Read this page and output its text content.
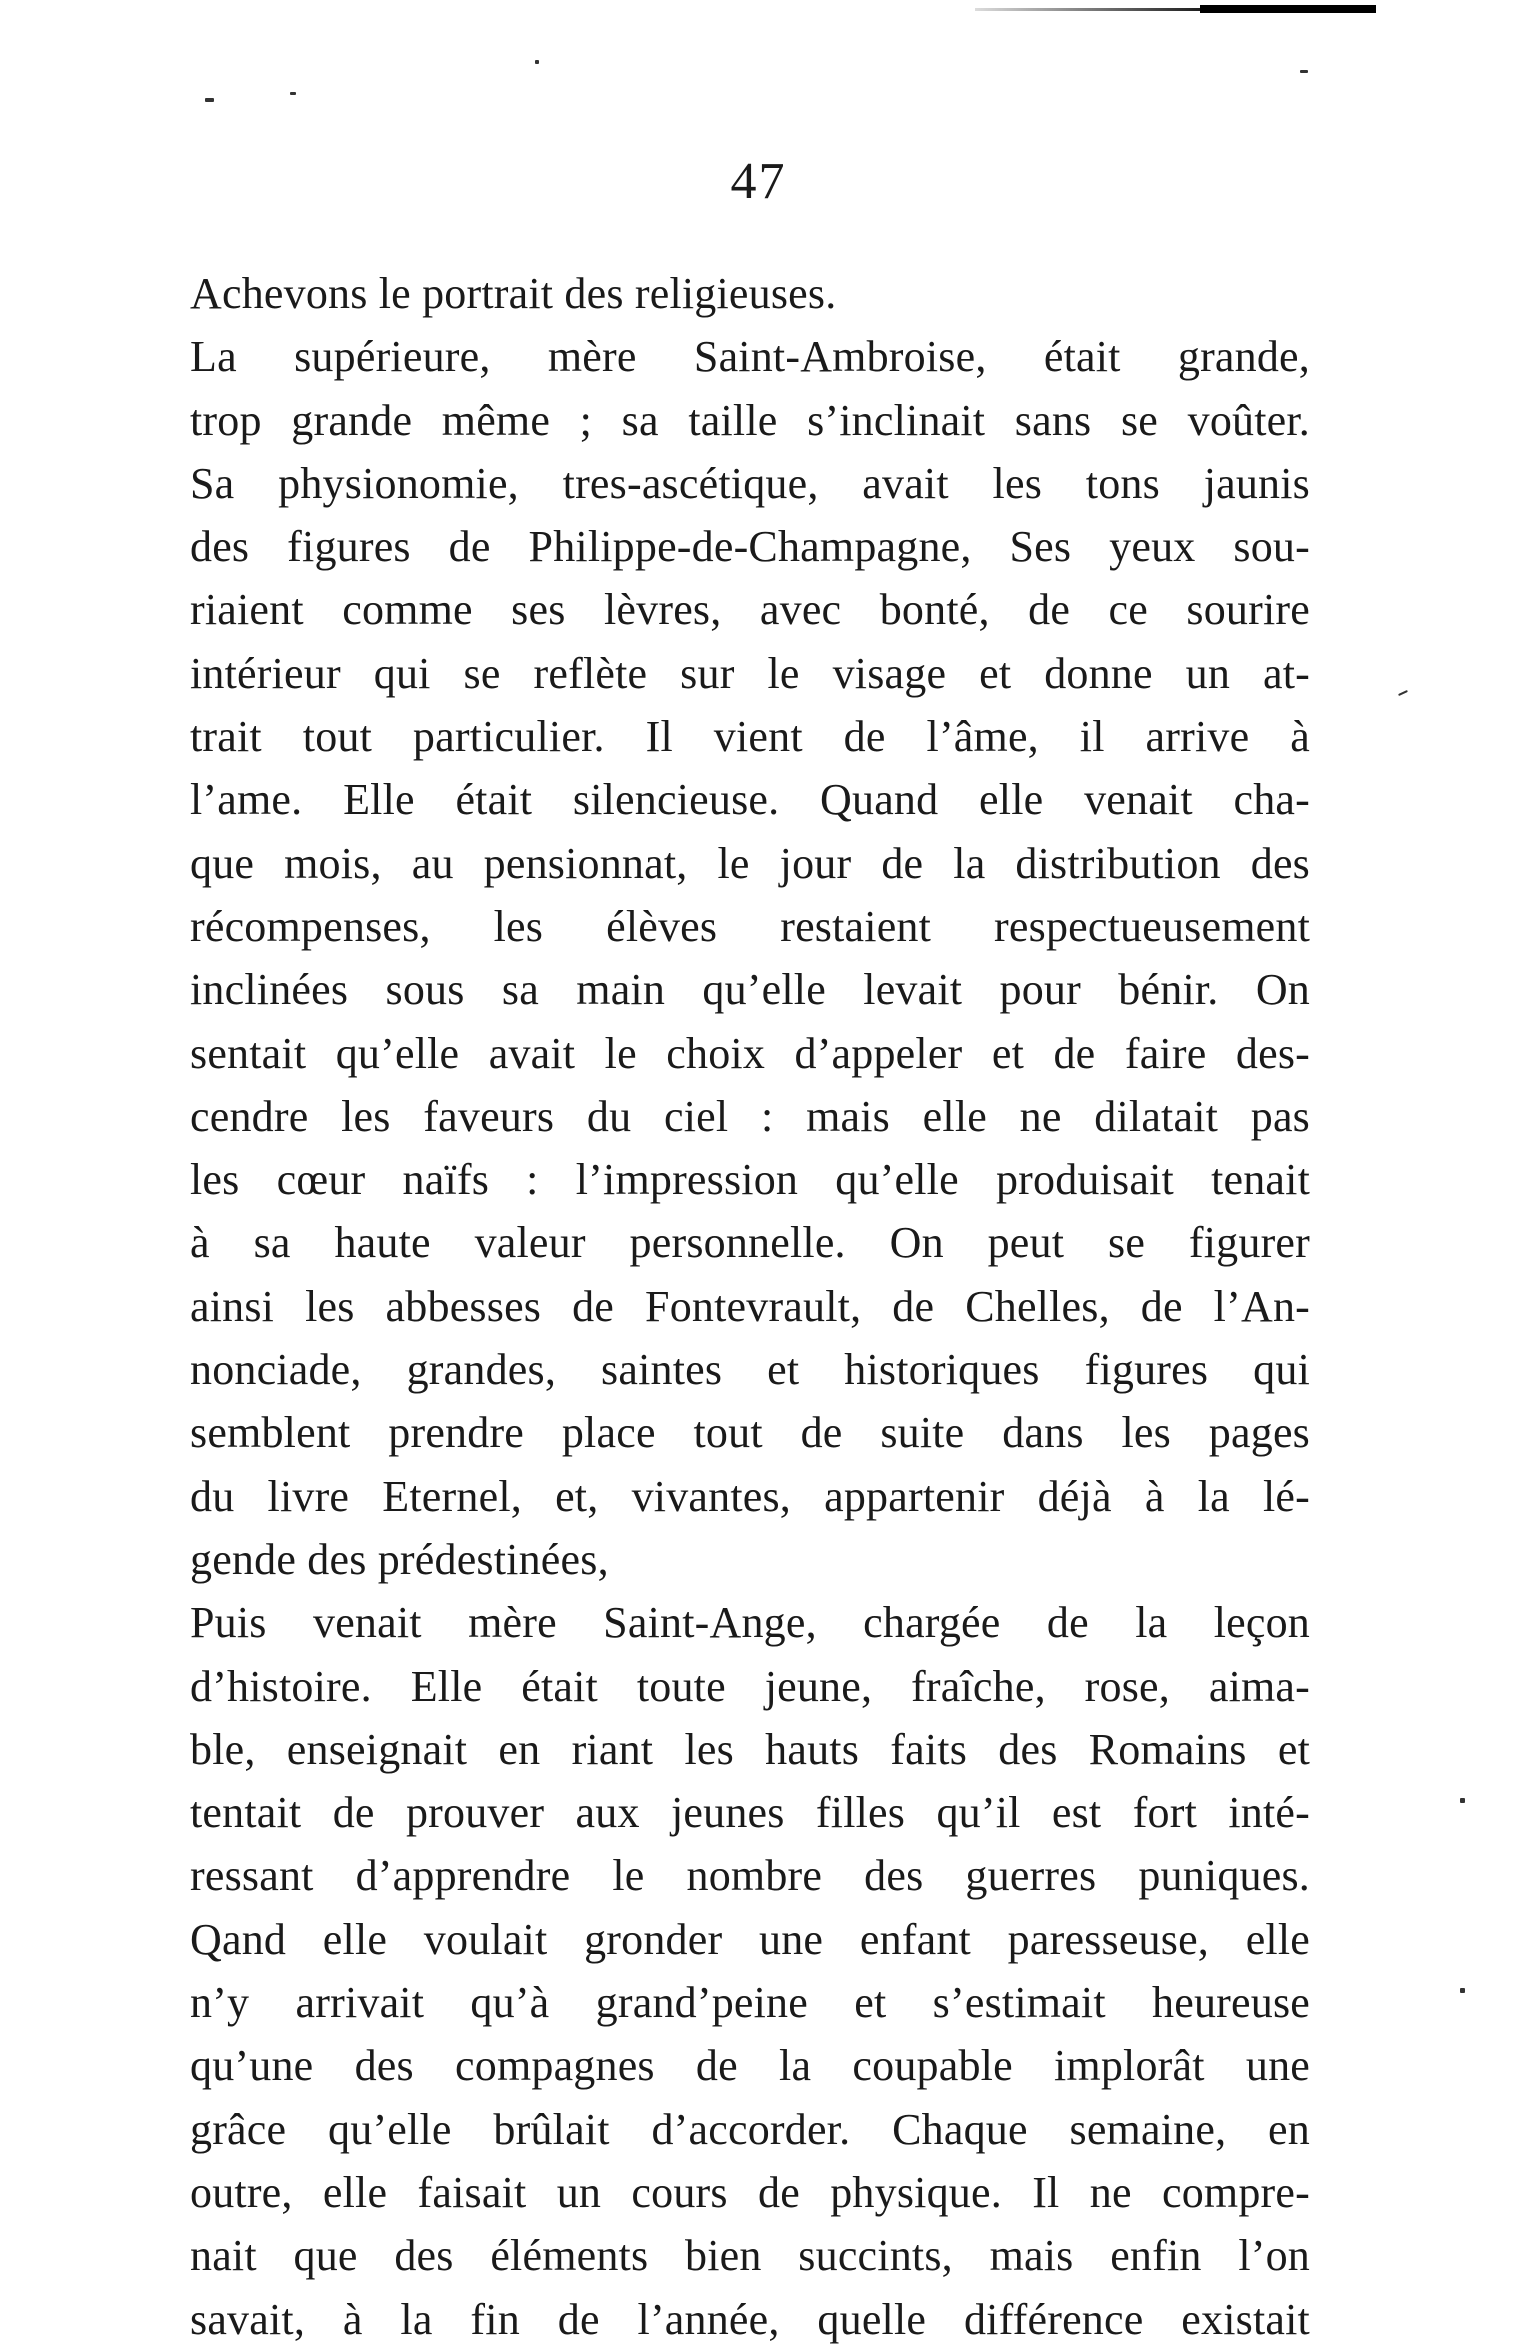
47
Achevons le portrait des religieuses.
La supérieure, mère Saint-Ambroise, était grande,
trop grande même ; sa taille s’inclinait sans se voûter.
Sa physionomie, tres-ascétique, avait les tons jaunis
des figures de Philippe-de-Champagne, Ses yeux sou-
riaient comme ses lèvres, avec bonté, de ce sourire
intérieur qui se reflète sur le visage et donne un at-
trait tout particulier. Il vient de l’âme, il arrive à
l’ame. Elle était silencieuse. Quand elle venait cha-
que mois, au pensionnat, le jour de la distribution des
récompenses, les élèves restaient respectueusement
inclinées sous sa main qu’elle levait pour bénir. On
sentait qu’elle avait le choix d’appeler et de faire des-
cendre les faveurs du ciel : mais elle ne dilatait pas
les cœur naïfs : l’impression qu’elle produisait tenait
à sa haute valeur personnelle. On peut se figurer
ainsi les abbesses de Fontevrault, de Chelles, de l’An-
nonciade, grandes, saintes et historiques figures qui
semblent prendre place tout de suite dans les pages
du livre Eternel, et, vivantes, appartenir déjà à la lé-
gende des prédestinées,
Puis venait mère Saint-Ange, chargée de la leçon
d’histoire. Elle était toute jeune, fraîche, rose, aima-
ble, enseignait en riant les hauts faits des Romains et
tentait de prouver aux jeunes filles qu’il est fort inté-
ressant d’apprendre le nombre des guerres puniques.
Qand elle voulait gronder une enfant paresseuse, elle
n’y arrivait qu’à grand’peine et s’estimait heureuse
qu’une des compagnes de la coupable implorât une
grâce qu’elle brûlait d’accorder. Chaque semaine, en
outre, elle faisait un cours de physique. Il ne compre-
nait que des éléments bien succints, mais enfin l’on
savait, à la fin de l’année, quelle différence existait
